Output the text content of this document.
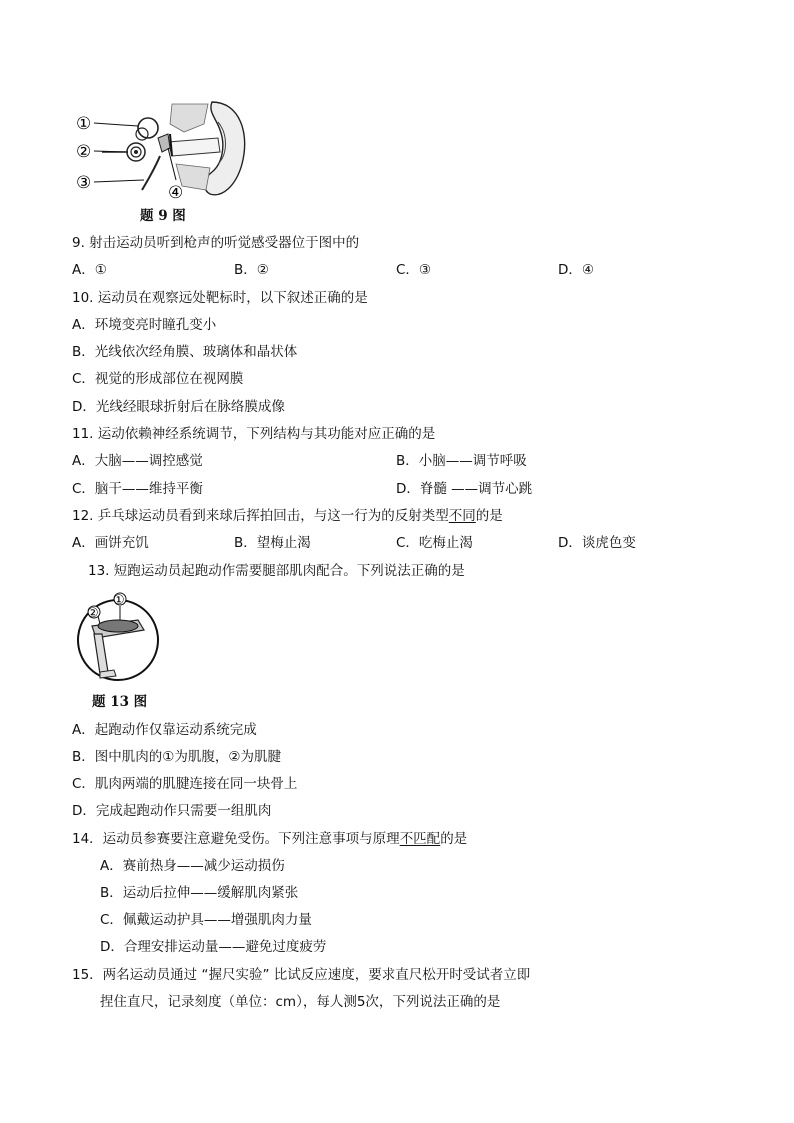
①
②
③	④
题 9 图
9. 射击运动员听到枪声的听觉感受器位于图中的
A．①	B．②	C．③	D．④
10. 运动员在观察远处靶标时，以下叙述正确的是
A．环境变亮时瞳孔变小
B．光线依次经角膜、玻璃体和晶状体
C．视觉的形成部位在视网膜
D．光线经眼球折射后在脉络膜成像
11. 运动依赖神经系统调节，下列结构与其功能对应正确的是
A．大脑——调控感觉	B．小脑——调节呼吸
C．脑干——维持平衡	D．脊髓 ——调节心跳
12. 乒乓球运动员看到来球后挥拍回击，与这一行为的反射类型不同的是
A．画饼充饥	B．望梅止渴	C．吃梅止渴	D．谈虎色变
13. 短跑运动员起跑动作需要腿部肌肉配合。下列说法正确的是
①
②
题 13 图
A．起跑动作仅靠运动系统完成
B．图中肌肉的①为肌腹，②为肌腱
C．肌肉两端的肌腱连接在同一块骨上
D．完成起跑动作只需要一组肌肉
14．运动员参赛要注意避免受伤。下列注意事项与原理不匹配的是
A．赛前热身——减少运动损伤
B．运动后拉伸——缓解肌肉紧张
C．佩戴运动护具——增强肌肉力量
D．合理安排运动量——避免过度疲劳
15．两名运动员通过 “握尺实验” 比试反应速度，要求直尺松开时受试者立即
捏住直尺，记录刻度（单位：cm），每人测5次，下列说法正确的是
